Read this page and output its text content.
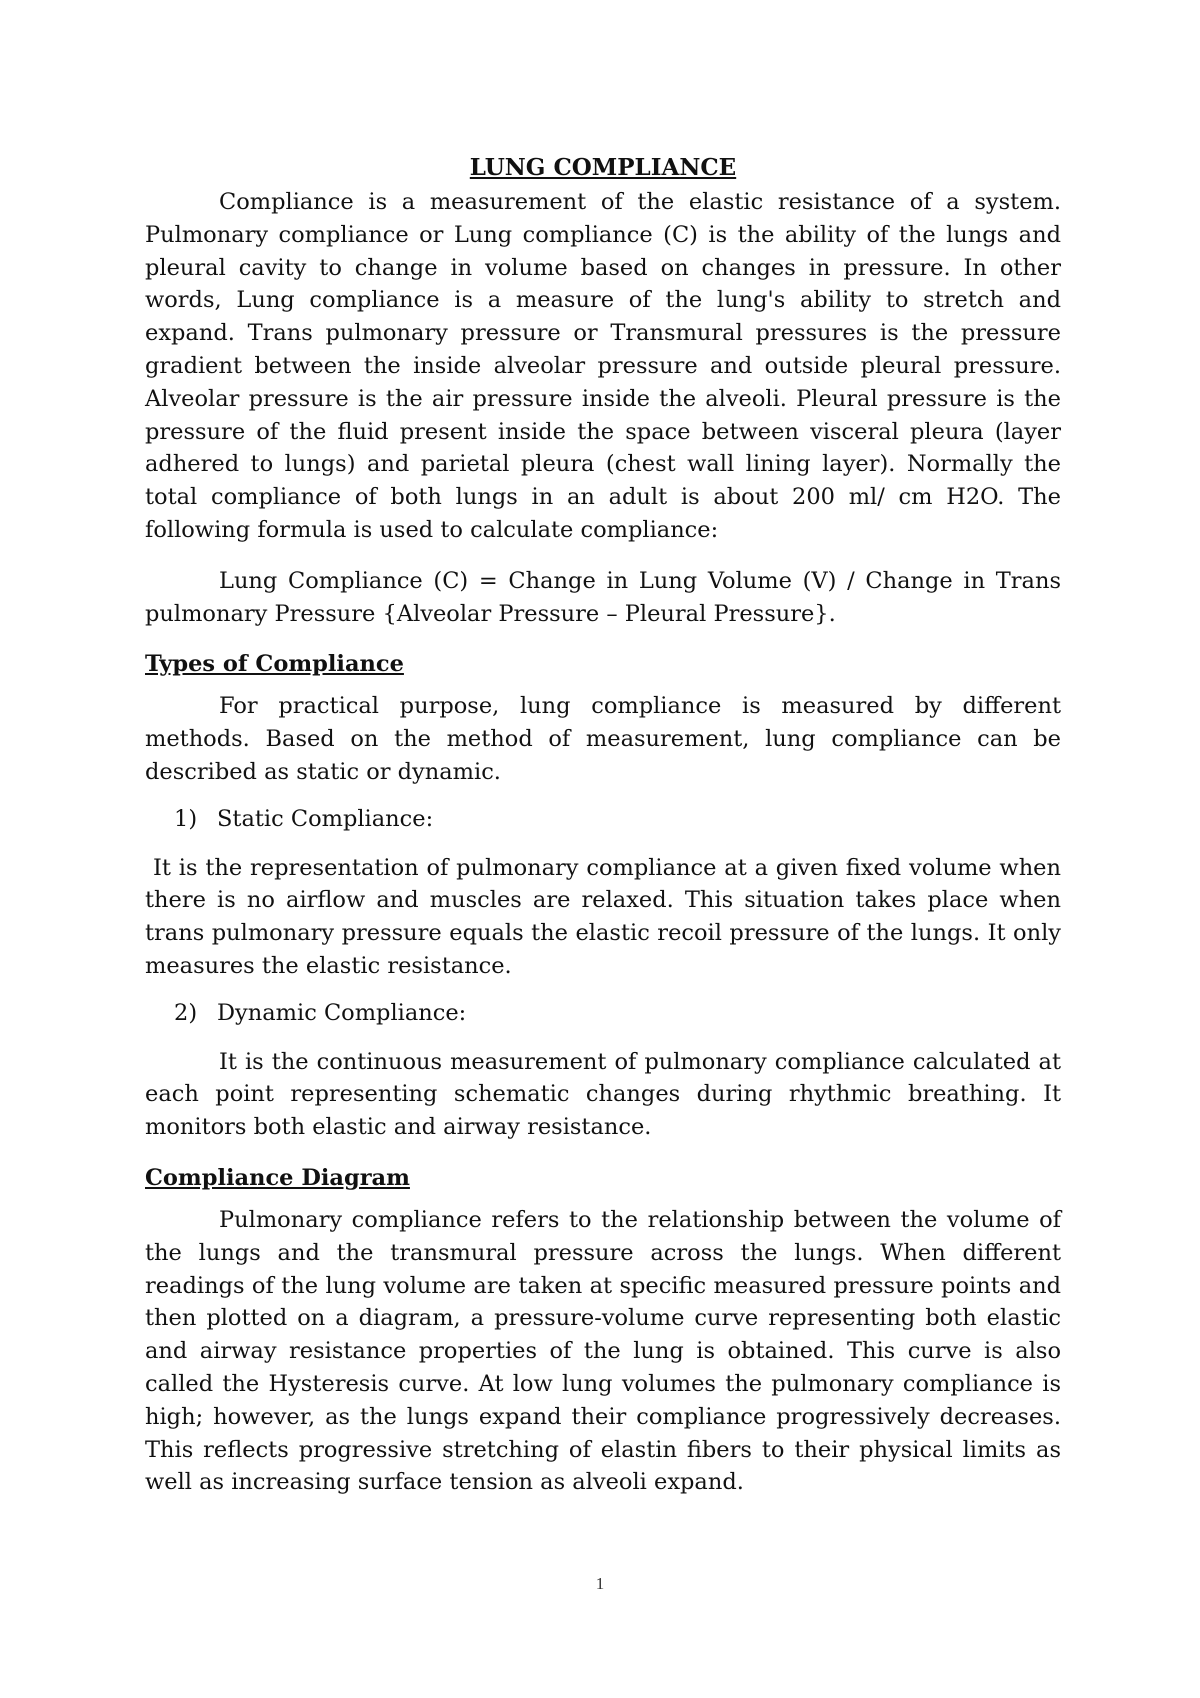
LUNG COMPLIANCE

Compliance is a measurement of the elastic resistance of a system. Pulmonary compliance or Lung compliance (C) is the ability of the lungs and pleural cavity to change in volume based on changes in pressure. In other words, Lung compliance is a measure of the lung's ability to stretch and expand. Trans pulmonary pressure or Transmural pressures is the pressure gradient between the inside alveolar pressure and outside pleural pressure. Alveolar pressure is the air pressure inside the alveoli. Pleural pressure is the pressure of the fluid present inside the space between visceral pleura (layer adhered to lungs) and parietal pleura (chest wall lining layer). Normally the total compliance of both lungs in an adult is about 200 ml/ cm H2O. The following formula is used to calculate compliance:

Lung Compliance (C) = Change in Lung Volume (V) / Change in Trans pulmonary Pressure {Alveolar Pressure – Pleural Pressure}.

Types of Compliance

For practical purpose, lung compliance is measured by different methods. Based on the method of measurement, lung compliance can be described as static or dynamic.

1) Static Compliance:

It is the representation of pulmonary compliance at a given fixed volume when there is no airflow and muscles are relaxed. This situation takes place when trans pulmonary pressure equals the elastic recoil pressure of the lungs. It only measures the elastic resistance.

2) Dynamic Compliance:

It is the continuous measurement of pulmonary compliance calculated at each point representing schematic changes during rhythmic breathing. It monitors both elastic and airway resistance.

Compliance Diagram

Pulmonary compliance refers to the relationship between the volume of the lungs and the transmural pressure across the lungs. When different readings of the lung volume are taken at specific measured pressure points and then plotted on a diagram, a pressure-volume curve representing both elastic and airway resistance properties of the lung is obtained. This curve is also called the Hysteresis curve. At low lung volumes the pulmonary compliance is high; however, as the lungs expand their compliance progressively decreases. This reflects progressive stretching of elastin fibers to their physical limits as well as increasing surface tension as alveoli expand.

1
